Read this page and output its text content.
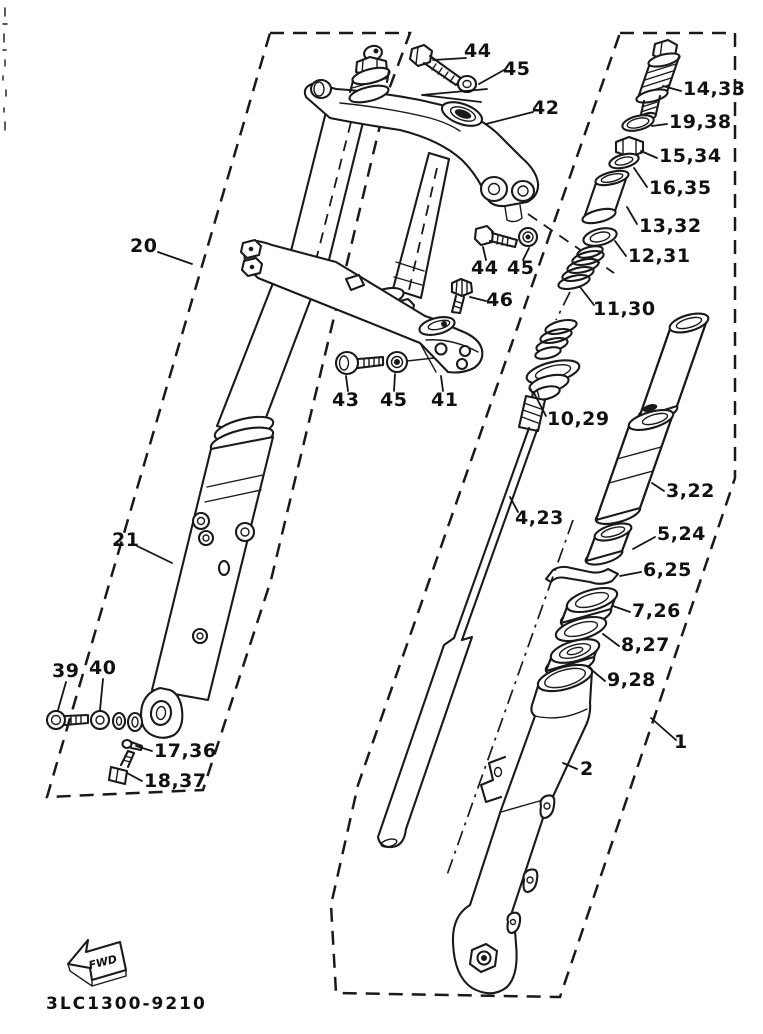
FWD
20
44
45
42
44 45
46
43 45 41
21
39 40
17,36
18,37
14,33
19,38
15,34
16,35
13,32
12,31
11,30
10,29
3,22
4,23
5,24
6,25
7,26
8,27
9,28
1
2
3LC1300-9210
